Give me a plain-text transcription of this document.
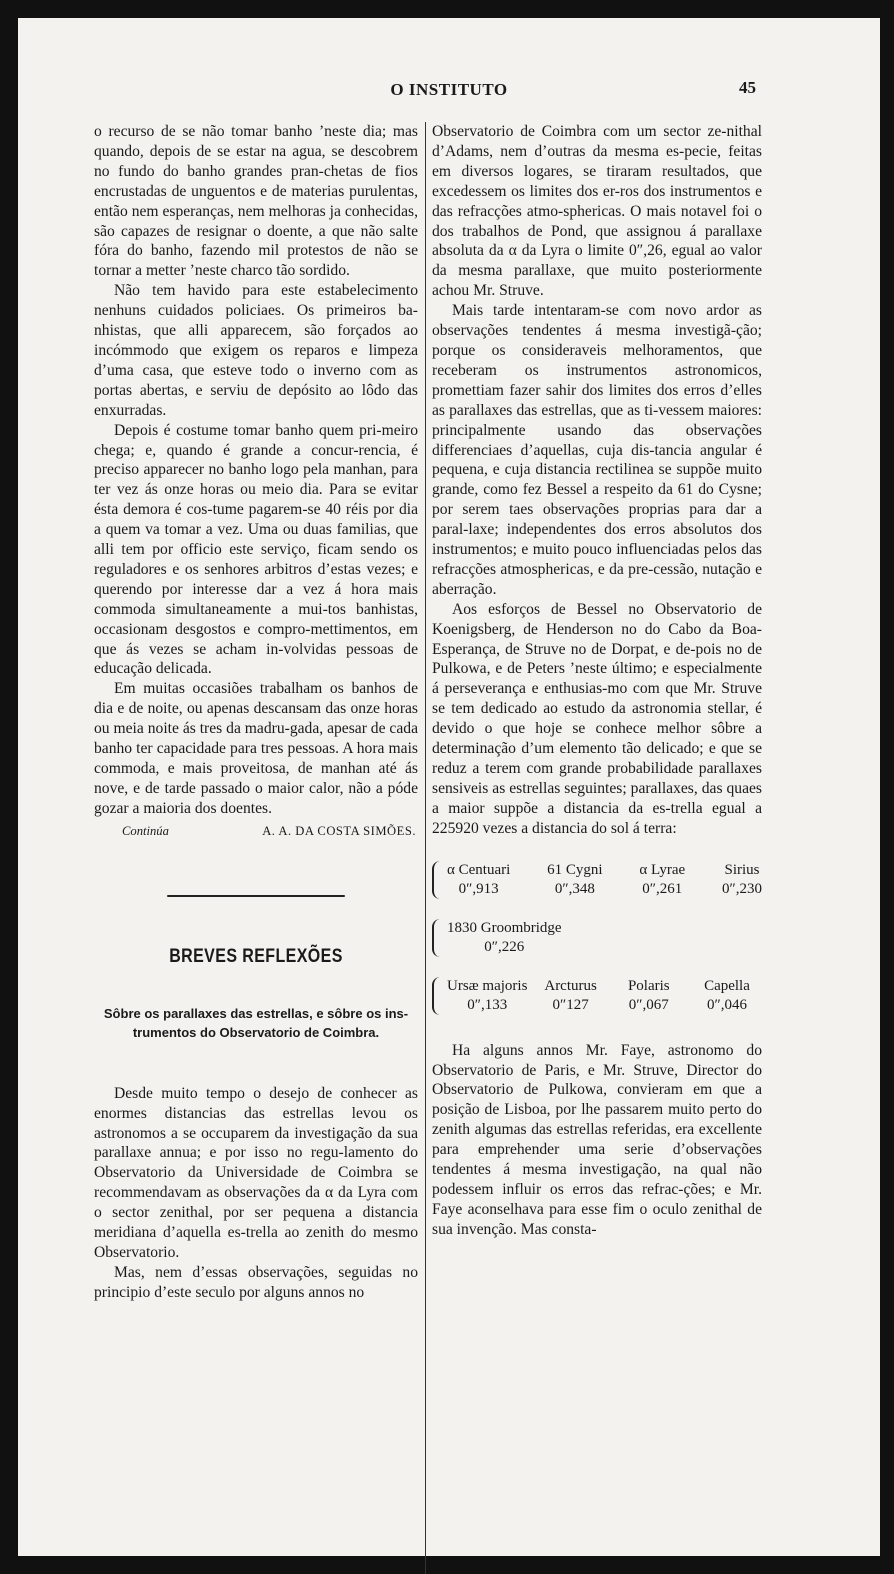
O INSTITUTO	45

o recurso de se não tomar banho ’neste dia; mas quando, depois de se estar na agua, se descobrem no fundo do banho grandes pran-chetas de fios encrustadas de unguentos e de materias purulentas, então nem esperanças, nem melhoras ja conhecidas, são capazes de resignar o doente, a que não salte fóra do banho, fazendo mil protestos de não se tornar a metter ’neste charco tão sordido.

Não tem havido para este estabelecimento nenhuns cuidados policiaes. Os primeiros ba-nhistas, que alli apparecem, são forçados ao incómmodo que exigem os reparos e limpeza d’uma casa, que esteve todo o inverno com as portas abertas, e serviu de depósito ao lôdo das enxurradas.

Depois é costume tomar banho quem pri-meiro chega; e, quando é grande a concur-rencia, é preciso apparecer no banho logo pela manhan, para ter vez ás onze horas ou meio dia. Para se evitar ésta demora é cos-tume pagarem-se 40 réis por dia a quem va tomar a vez. Uma ou duas familias, que alli tem por officio este serviço, ficam sendo os reguladores e os senhores arbitros d’estas vezes; e querendo por interesse dar a vez á hora mais commoda simultaneamente a mui-tos banhistas, occasionam desgostos e compro-mettimentos, em que ás vezes se acham in-volvidas pessoas de educação delicada.

Em muitas occasiões trabalham os banhos de dia e de noite, ou apenas descansam das onze horas ou meia noite ás tres da madru-gada, apesar de cada banho ter capacidade para tres pessoas. A hora mais commoda, e mais proveitosa, de manhan até ás nove, e de tarde passado o maior calor, não a póde gozar a maioria dos doentes.

Continúa	A. A. DA COSTA SIMÕES.
BREVES REFLEXÕES
Sôbre os parallaxes das estrellas, e sôbre os ins-trumentos do Observatorio de Coimbra.

Desde muito tempo o desejo de conhecer as enormes distancias das estrellas levou os astronomos a se occuparem da investigação da sua parallaxe annua; e por isso no regu-lamento do Observatorio da Universidade de Coimbra se recommendavam as observações da α da Lyra com o sector zenithal, por ser pequena a distancia meridiana d’aquella es-trella ao zenith do mesmo Observatorio.

Mas, nem d’essas observações, seguidas no principio d’este seculo por alguns annos no

Observatorio de Coimbra com um sector ze-nithal d’Adams, nem d’outras da mesma es-pecie, feitas em diversos logares, se tiraram resultados, que excedessem os limites dos er-ros dos instrumentos e das refracções atmo-sphericas. O mais notavel foi o dos trabalhos de Pond, que assignou á parallaxe absoluta da α da Lyra o limite 0″,26, egual ao valor da mesma parallaxe, que muito posteriormente achou Mr. Struve.

Mais tarde intentaram-se com novo ardor as observações tendentes á mesma investigã-ção; porque os consideraveis melhoramentos, que receberam os instrumentos astronomicos, promettiam fazer sahir dos limites dos erros d’elles as parallaxes das estrellas, que as ti-vessem maiores: principalmente usando das observações differenciaes d’aquellas, cuja dis-tancia angular é pequena, e cuja distancia rectilinea se suppõe muito grande, como fez Bessel a respeito da 61 do Cysne; por serem taes observações proprias para dar a paral-laxe; independentes dos erros absolutos dos instrumentos; e muito pouco influenciadas pelos das refracções atmosphericas, e da pre-cessão, nutação e aberração.

Aos esforços de Bessel no Observatorio de Koenigsberg, de Henderson no do Cabo da Boa-Esperança, de Struve no de Dorpat, e de-pois no de Pulkowa, e de Peters ’neste último; e especialmente á perseverança e enthusias-mo com que Mr. Struve se tem dedicado ao estudo da astronomia stellar, é devido o que hoje se conhece melhor sôbre a determinação d’um elemento tão delicado; e que se reduz a terem com grande probabilidade parallaxes sensiveis as estrellas seguintes; parallaxes, das quaes a maior suppõe a distancia da es-trella egual a 225920 vezes a distancia do sol á terra:

α Centuari
0″,913
61 Cygni
0″,348
α Lyrae
0″,261
Sirius
0″,230
1830 Groombridge
0″,226
Ursæ majoris
0″,133
Arcturus
0″127
Polaris
0″,067
Capella
0″,046

Ha alguns annos Mr. Faye, astronomo do Observatorio de Paris, e Mr. Struve, Director do Observatorio de Pulkowa, convieram em que a posição de Lisboa, por lhe passarem muito perto do zenith algumas das estrellas referidas, era excellente para emprehender uma serie d’observações tendentes á mesma investigação, na qual não podessem influir os erros das refrac-ções; e Mr. Faye aconselhava para esse fim o oculo zenithal de sua invenção. Mas consta-
